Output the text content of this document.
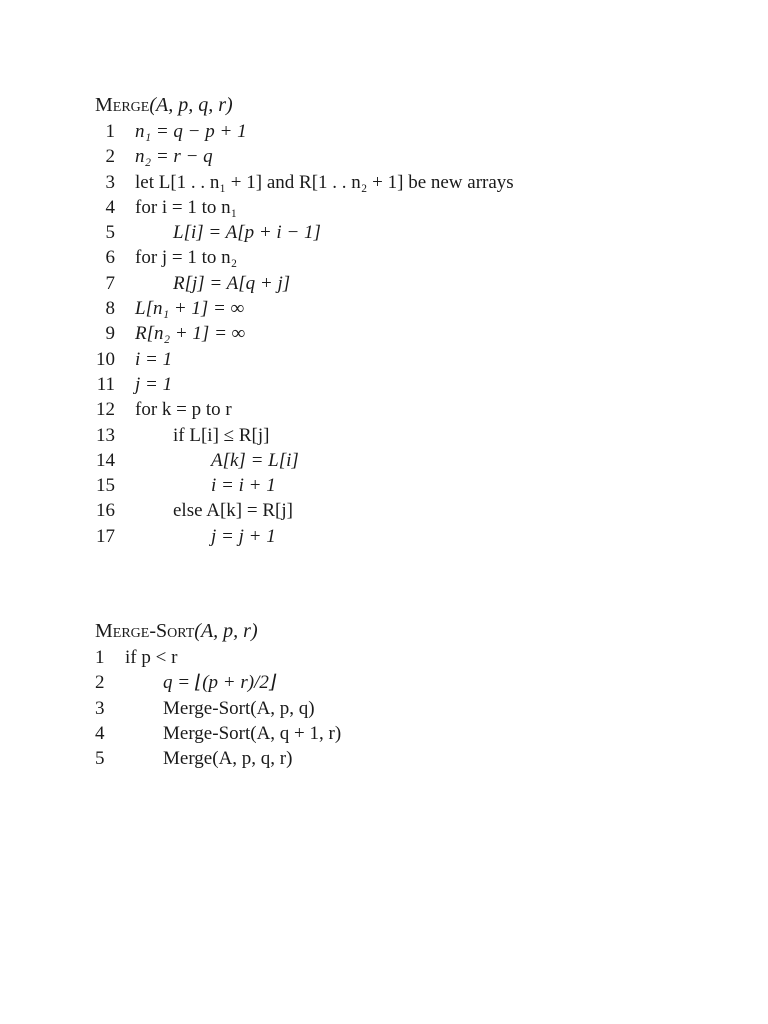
Merge(A, p, q, r)
1 n₁ = q − p + 1
2 n₂ = r − q
3 let L[1 . . n₁ + 1] and R[1 . . n₂ + 1] be new arrays
4 for i = 1 to n₁
5	L[i] = A[p + i − 1]
6 for j = 1 to n₂
7	R[j] = A[q + j]
8 L[n₁ + 1] = ∞
9 R[n₂ + 1] = ∞
10 i = 1
11 j = 1
12 for k = p to r
13	if L[i] ≤ R[j]
14	A[k] = L[i]
15	i = i + 1
16	else A[k] = R[j]
17	j = j + 1
Merge-Sort(A, p, r)
1 if p < r
2	q = ⌊(p + r)/2⌋
3	Merge-Sort(A, p, q)
4	Merge-Sort(A, q + 1, r)
5	Merge(A, p, q, r)
